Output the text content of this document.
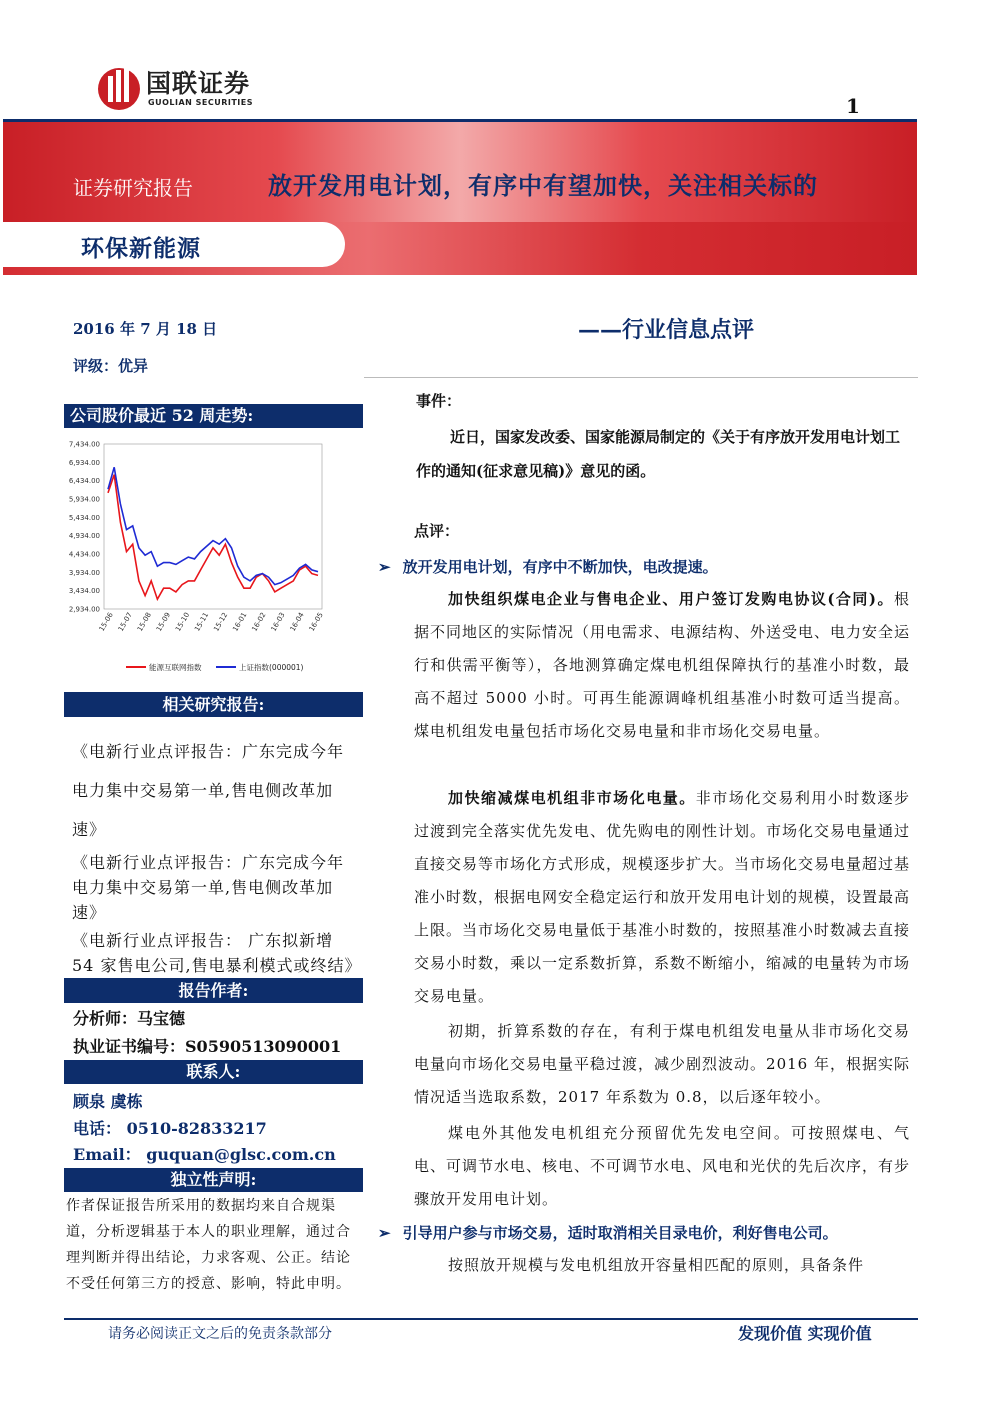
国联证券
GUOLIAN SECURITIES	1
证券研究报告	放开发用电计划，有序中有望加快，关注相关标的
环保新能源
2016 年 7 月 18 日
评级：优异
公司股价最近 52 周走势:
7,434.00
6,934.00
6,434.00
5,934.00
5,434.00
4,934.00
4,434.00
3,934.00
3,434.00
2,934.00
15-06 15-07 15-08 15-09 15-10 15-11 15-12 16-01 16-02 16-03 16-04 16-05
能源互联网指数	上证指数(000001)
相关研究报告:
《电新行业点评报告：广东完成今年电力集中交易第一单,售电侧改革加速》
《电新行业点评报告：广东完成今年电力集中交易第一单,售电侧改革加速》
《电新行业点评报告： 广东拟新增 54 家售电公司,售电暴利模式或终结》
报告作者:
分析师：马宝德
执业证书编号：S0590513090001
联系人:
顾泉 虞栋
电话： 0510-82833217
Email： guquan@glsc.com.cn
独立性声明:
作者保证报告所采用的数据均来自合规渠道，分析逻辑基于本人的职业理解，通过合理判断并得出结论，力求客观、公正。结论不受任何第三方的授意、影响，特此申明。
——行业信息点评
事件：
近日，国家发改委、国家能源局制定的《关于有序放开发用电计划工作的通知(征求意见稿)》意见的函。
点评：
➢ 放开发用电计划，有序中不断加快，电改提速。
加快组织煤电企业与售电企业、用户签订发购电协议(合同)。根据不同地区的实际情况（用电需求、电源结构、外送受电、电力安全运行和供需平衡等），各地测算确定煤电机组保障执行的基准小时数，最高不超过 5000 小时。可再生能源调峰机组基准小时数可适当提高。煤电机组发电量包括市场化交易电量和非市场化交易电量。
加快缩减煤电机组非市场化电量。非市场化交易利用小时数逐步过渡到完全落实优先发电、优先购电的刚性计划。市场化交易电量通过直接交易等市场化方式形成，规模逐步扩大。当市场化交易电量超过基准小时数，根据电网安全稳定运行和放开发用电计划的规模，设置最高上限。当市场化交易电量低于基准小时数的，按照基准小时数减去直接交易小时数，乘以一定系数折算，系数不断缩小，缩减的电量转为市场交易电量。
初期，折算系数的存在，有利于煤电机组发电量从非市场化交易电量向市场化交易电量平稳过渡，减少剧烈波动。2016 年，根据实际情况适当选取系数，2017 年系数为 0.8，以后逐年较小。
煤电外其他发电机组充分预留优先发电空间。可按照煤电、气电、可调节水电、核电、不可调节水电、风电和光伏的先后次序，有步骤放开发用电计划。
➢ 引导用户参与市场交易，适时取消相关目录电价，利好售电公司。
按照放开规模与发电机组放开容量相匹配的原则，具备条件
请务必阅读正文之后的免责条款部分	发现价值 实现价值
